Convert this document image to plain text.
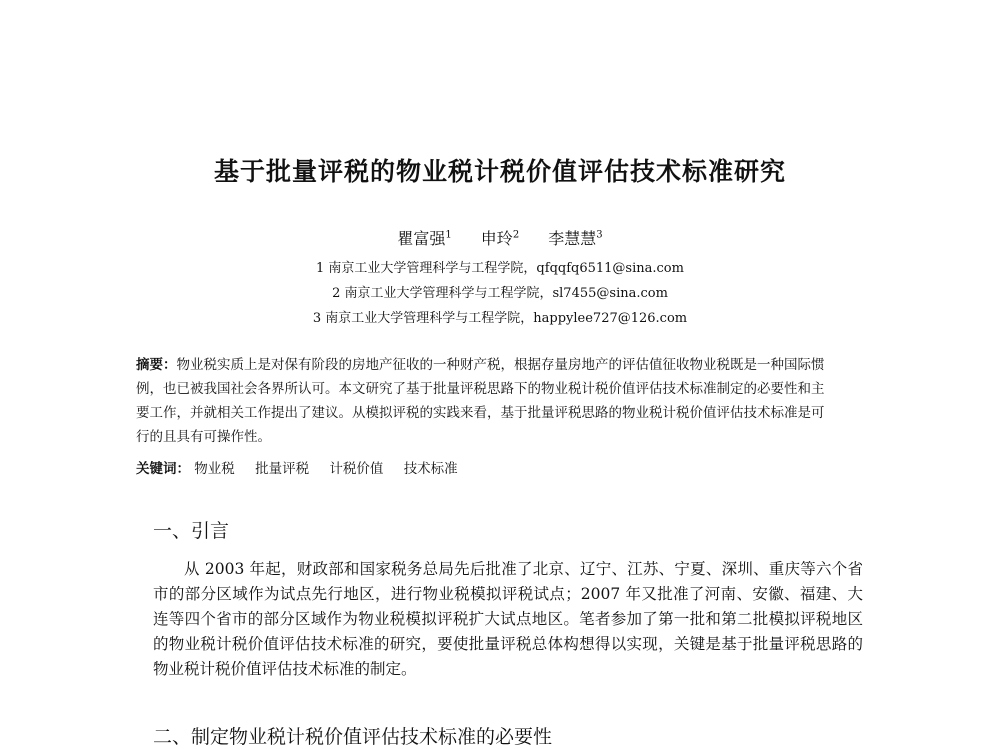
基于批量评税的物业税计税价值评估技术标准研究
瞿富强$^1$ 申玲$^2$ 李慧慧$^3$
1 南京工业大学管理科学与工程学院，qfqqfq6511@sina.com
2 南京工业大学管理科学与工程学院，sl7455@sina.com
3 南京工业大学管理科学与工程学院，happylee727@126.com
摘要：物业税实质上是对保有阶段的房地产征收的一种财产税，根据存量房地产的评估值征收物业税既是一种国际惯例，也已被我国社会各界所认可。本文研究了基于批量评税思路下的物业税计税价值评估技术标准制定的必要性和主要工作，并就相关工作提出了建议。从模拟评税的实践来看，基于批量评税思路的物业税计税价值评估技术标准是可行的且具有可操作性。
关键词： 物业税 批量评税 计税价值 技术标准
一、引言
从 2003 年起，财政部和国家税务总局先后批准了北京、辽宁、江苏、宁夏、深圳、重庆等六个省市的部分区域作为试点先行地区，进行物业税模拟评税试点；2007 年又批准了河南、安徽、福建、大连等四个省市的部分区域作为物业税模拟评税扩大试点地区。笔者参加了第一批和第二批模拟评税地区的物业税计税价值评估技术标准的研究，要使批量评税总体构想得以实现，关键是基于批量评税思路的物业税计税价值评估技术标准的制定。
二、制定物业税计税价值评估技术标准的必要性
